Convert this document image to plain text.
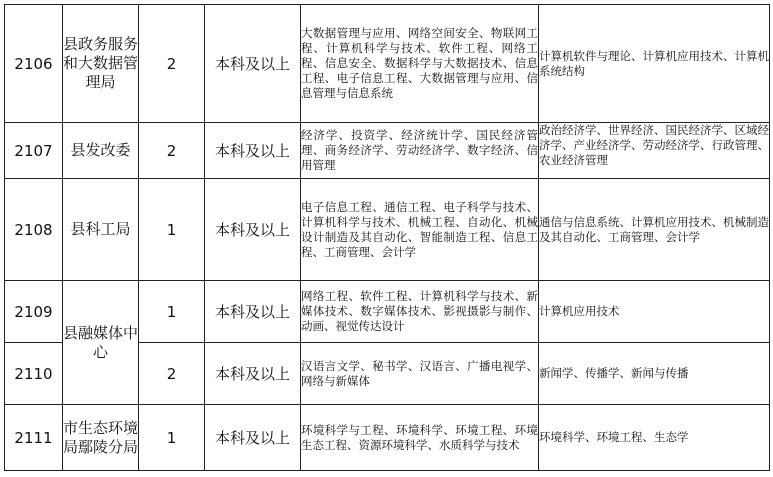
2106	县政务服务和大数据管理局	2	本科及以上	大数据管理与应用、网络空间安全、物联网工程、计算机科学与技术、软件工程、网络工程、信息安全、数据科学与大数据技术、信息工程、电子信息工程、大数据管理与应用、信息管理与信息系统	计算机软件与理论、计算机应用技术、计算机系统结构
2107	县发改委	2	本科及以上	经济学、投资学、经济统计学、国民经济管理、商务经济学、劳动经济学、数字经济、信用管理	政治经济学、世界经济、国民经济学、区域经济学、产业经济学、劳动经济学、行政管理、农业经济管理

2108	县科工局	1	本科及以上	电子信息工程、通信工程、电子科学与技术、计算机科学与技术、机械工程、自动化、机械设计制造及其自动化、智能制造工程、信息工程、工商管理、会计学	通信与信息系统、计算机应用技术、机械制造及其自动化、工商管理、会计学
2109	县融媒体中心	1	本科及以上	网络工程、软件工程、计算机科学与技术、新媒体技术、数字媒体技术、影视摄影与制作、动画、视觉传达设计	计算机应用技术
2110		2	本科及以上	汉语言文学、秘书学、汉语言、广播电视学、网络与新媒体	新闻学、传播学、新闻与传播
2111	市生态环境局鄢陵分局	1	本科及以上	环境科学与工程、环境科学、环境工程、环境生态工程、资源环境科学、水质科学与技术	环境科学、环境工程、生态学
